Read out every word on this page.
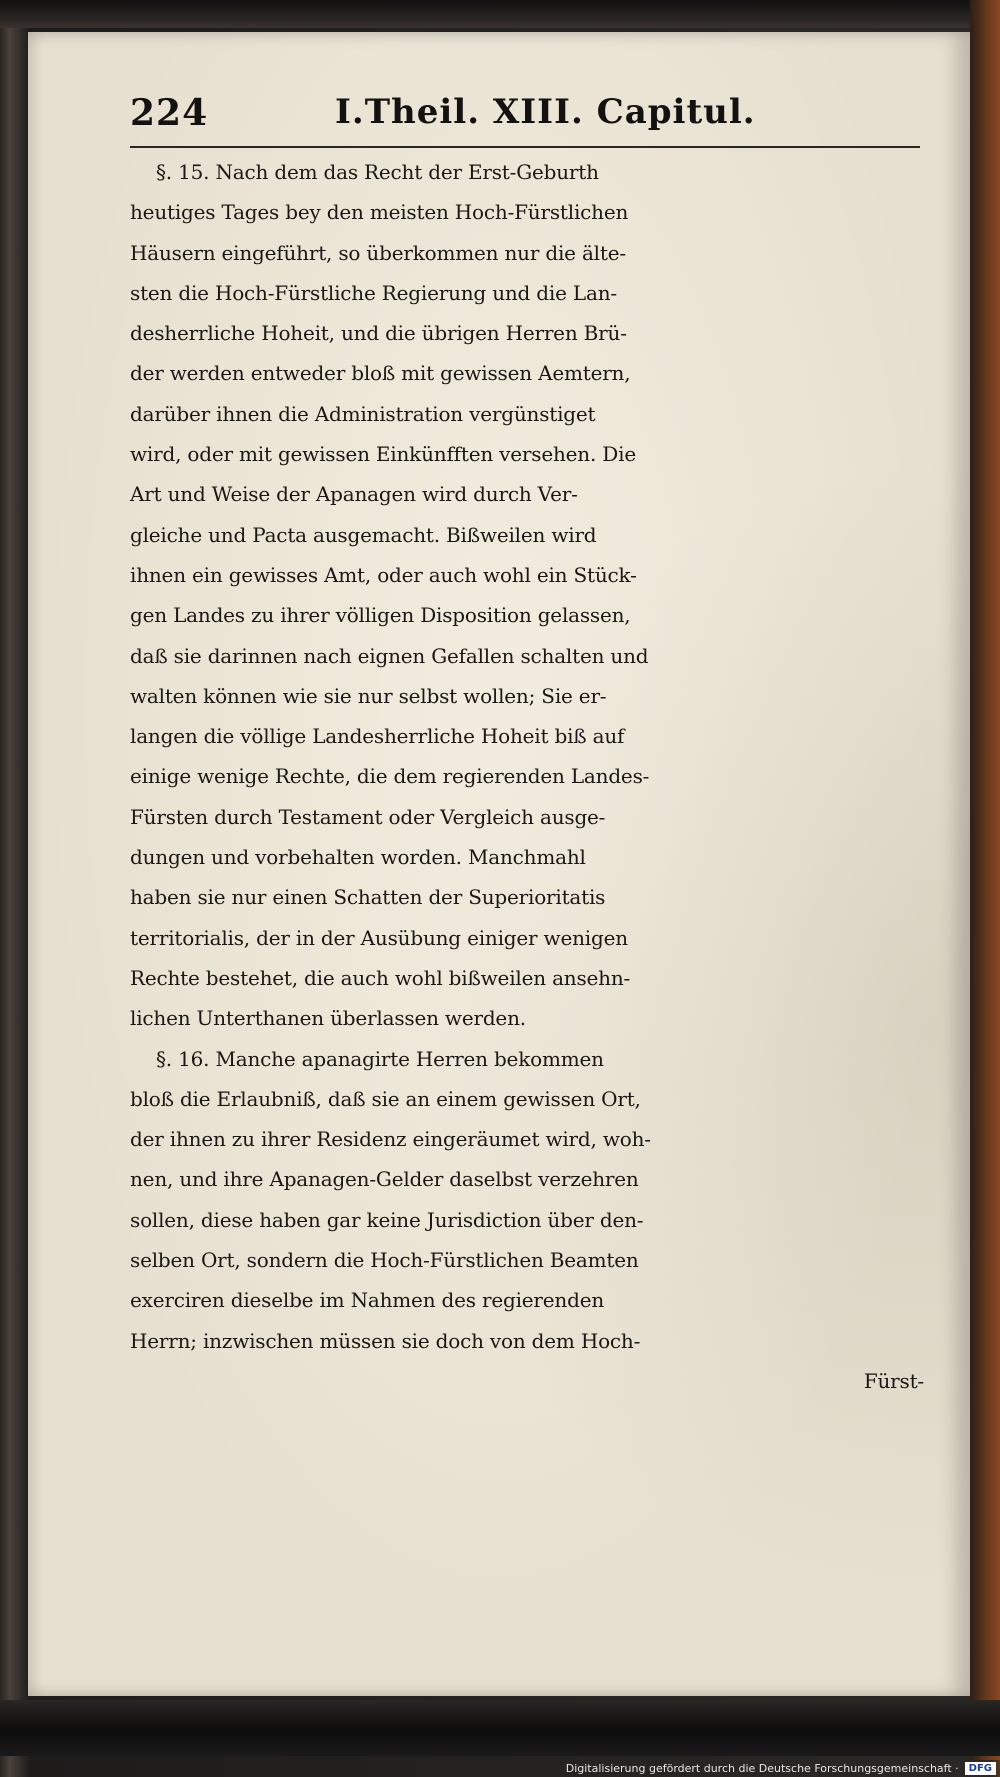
224	I.Theil. XIII. Capitul.
§. 15. Nach dem das Recht der Erst-Geburth
heutiges Tages bey den meisten Hoch-Fürstlichen
Häusern eingeführt, so überkommen nur die älte-
sten die Hoch-Fürstliche Regierung und die Lan-
desherrliche Hoheit, und die übrigen Herren Brü-
der werden entweder bloß mit gewissen Aemtern,
darüber ihnen die Administration vergünstiget
wird, oder mit gewissen Einkünfften versehen. Die
Art und Weise der Apanagen wird durch Ver-
gleiche und Pacta ausgemacht. Bißweilen wird
ihnen ein gewisses Amt, oder auch wohl ein Stück-
gen Landes zu ihrer völligen Disposition gelassen,
daß sie darinnen nach eignen Gefallen schalten und
walten können wie sie nur selbst wollen; Sie er-
langen die völlige Landesherrliche Hoheit biß auf
einige wenige Rechte, die dem regierenden Landes-
Fürsten durch Testament oder Vergleich ausge-
dungen und vorbehalten worden. Manchmahl
haben sie nur einen Schatten der Superioritatis
territorialis, der in der Ausübung einiger wenigen
Rechte bestehet, die auch wohl bißweilen ansehn-
lichen Unterthanen überlassen werden.
§. 16. Manche apanagirte Herren bekommen
bloß die Erlaubniß, daß sie an einem gewissen Ort,
der ihnen zu ihrer Residenz eingeräumet wird, woh-
nen, und ihre Apanagen-Gelder daselbst verzehren
sollen, diese haben gar keine Jurisdiction über den-
selben Ort, sondern die Hoch-Fürstlichen Beamten
exerciren dieselbe im Nahmen des regierenden
Herrn; inzwischen müssen sie doch von dem Hoch-
Fürst-
Digitalisierung gefördert durch die Deutsche Forschungsgemeinschaft ·	DFG
